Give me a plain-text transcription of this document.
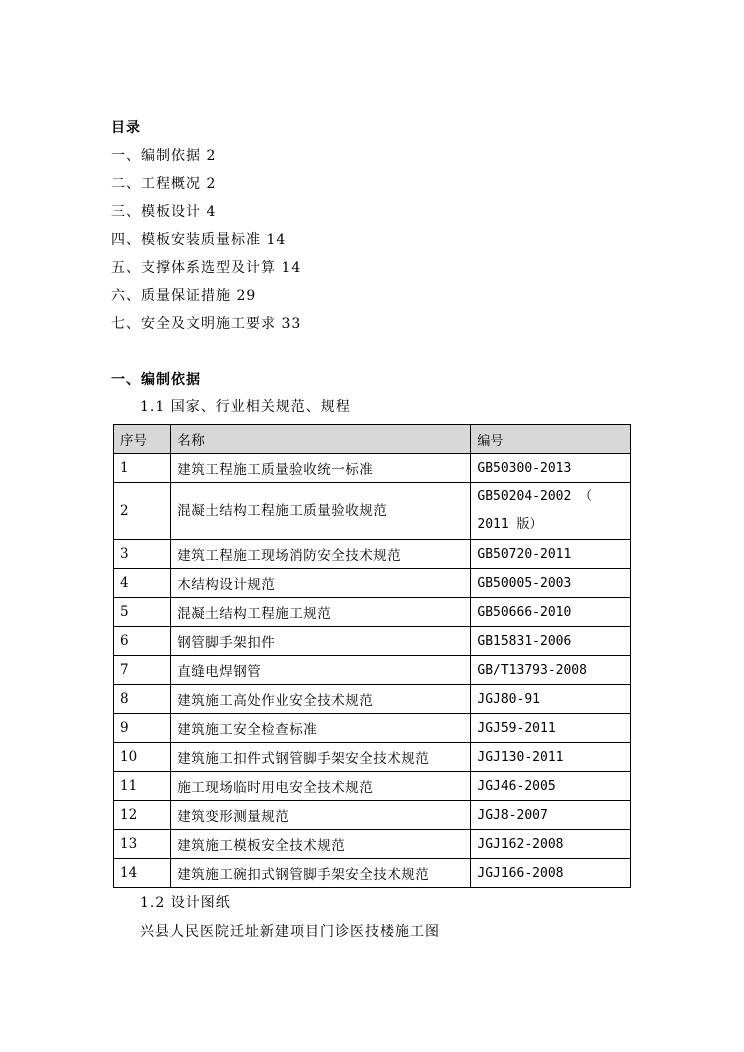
目录
一、编制依据 2
二、工程概况 2
三、模板设计 4
四、模板安装质量标准 14
五、支撑体系选型及计算 14
六、质量保证措施 29
七、安全及文明施工要求 33
一、编制依据
1.1 国家、行业相关规范、规程
序号	名称	编号
1	建筑工程施工质量验收统一标准	GB50300-2013
2	混凝土结构工程施工质量验收规范	GB50204-2002 （ 2011 版）
3	建筑工程施工现场消防安全技术规范	GB50720-2011
4	木结构设计规范	GB50005-2003
5	混凝土结构工程施工规范	GB50666-2010
6	钢管脚手架扣件	GB15831-2006
7	直缝电焊钢管	GB/T13793-2008
8	建筑施工高处作业安全技术规范	JGJ80-91
9	建筑施工安全检查标准	JGJ59-2011
10	建筑施工扣件式钢管脚手架安全技术规范	JGJ130-2011
11	施工现场临时用电安全技术规范	JGJ46-2005
12	建筑变形测量规范	JGJ8-2007
13	建筑施工模板安全技术规范	JGJ162-2008
14	建筑施工碗扣式钢管脚手架安全技术规范	JGJ166-2008
1.2 设计图纸
兴县人民医院迁址新建项目门诊医技楼施工图
